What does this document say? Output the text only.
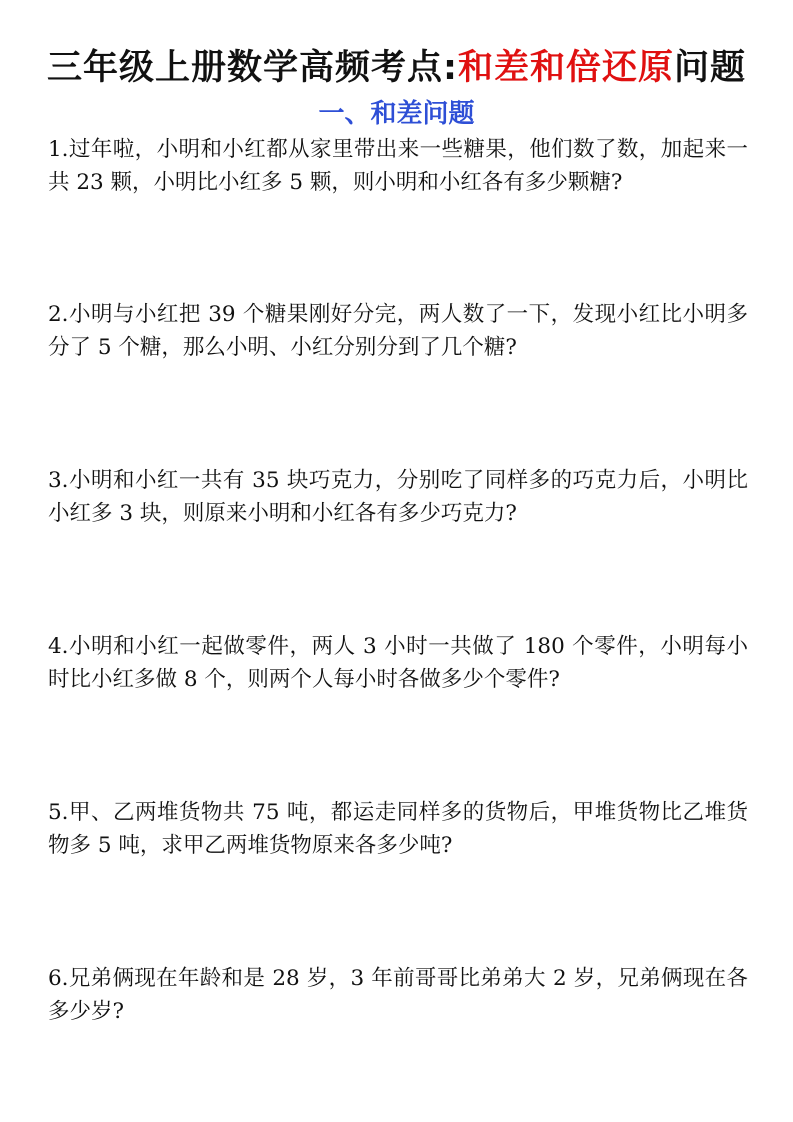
三年级上册数学高频考点:和差和倍还原问题
一、和差问题
1.过年啦，小明和小红都从家里带出来一些糖果，他们数了数，加起来一共 23 颗，小明比小红多 5 颗，则小明和小红各有多少颗糖?
2.小明与小红把 39 个糖果刚好分完，两人数了一下，发现小红比小明多分了 5 个糖，那么小明、小红分别分到了几个糖?
3.小明和小红一共有 35 块巧克力，分别吃了同样多的巧克力后，小明比小红多 3 块，则原来小明和小红各有多少巧克力?
4.小明和小红一起做零件，两人 3 小时一共做了 180 个零件，小明每小时比小红多做 8 个，则两个人每小时各做多少个零件?
5.甲、乙两堆货物共 75 吨，都运走同样多的货物后，甲堆货物比乙堆货物多 5 吨，求甲乙两堆货物原来各多少吨?
6.兄弟俩现在年龄和是 28 岁，3 年前哥哥比弟弟大 2 岁，兄弟俩现在各多少岁?
